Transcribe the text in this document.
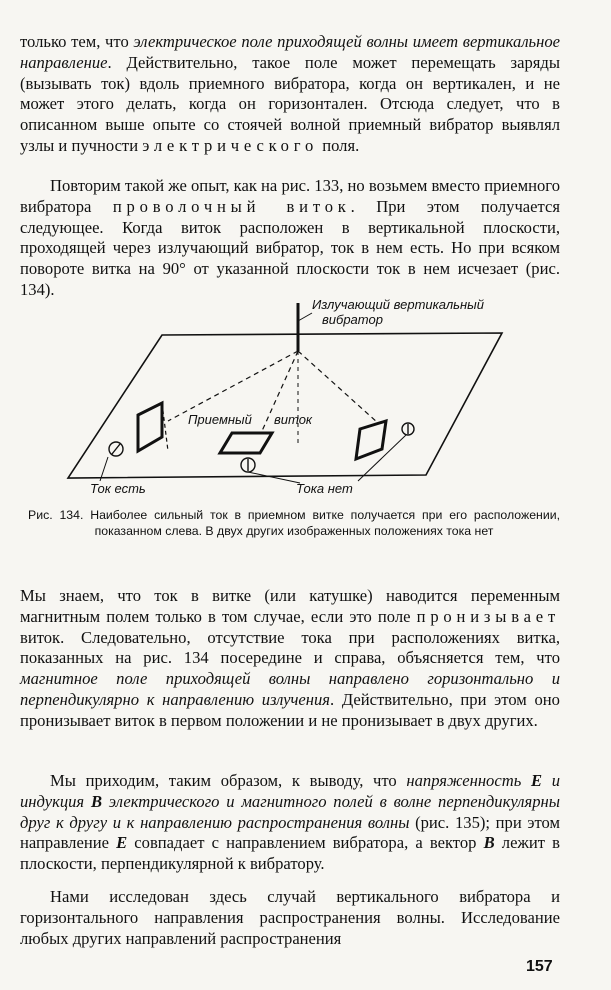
только тем, что электрическое поле приходящей волны имеет вертикальное направление. Действительно, такое поле может перемещать заряды (вызывать ток) вдоль приемного вибратора, когда он вертикален, и не может этого делать, когда он горизонтален. Отсюда следует, что в описанном выше опыте со стоячей волной приемный вибратор выявлял узлы и пучности электрического поля.

Повторим такой же опыт, как на рис. 133, но возьмем вместо приемного вибратора проволочный виток. При этом получается следующее. Когда виток расположен в вертикальной плоскости, проходящей через излучающий вибратор, ток в нем есть. Но при всяком повороте витка на 90° от указанной плоскости ток в нем исчезает (рис. 134).

Излучающий вертикальный
вибратор
Приемный виток
Ток есть	Тока нет

Рис. 134. Наиболее сильный ток в приемном витке получается при его расположении, показанном слева. В двух других изображенных положениях тока нет

Мы знаем, что ток в витке (или катушке) наводится переменным магнитным полем только в том случае, если это поле пронизывает виток. Следовательно, отсутствие тока при расположениях витка, показанных на рис. 134 посередине и справа, объясняется тем, что магнитное поле приходящей волны направлено горизонтально и перпендикулярно к направлению излучения. Действительно, при этом оно пронизывает виток в первом положении и не пронизывает в двух других.

Мы приходим, таким образом, к выводу, что напряженность E и индукция B электрического и магнитного полей в волне перпендикулярны друг к другу и к направлению распространения волны (рис. 135); при этом направление E совпадает с направлением вибратора, а вектор B лежит в плоскости, перпендикулярной к вибратору.

Нами исследован здесь случай вертикального вибратора и горизонтального направления распространения волны. Исследование любых других направлений распространения

157
